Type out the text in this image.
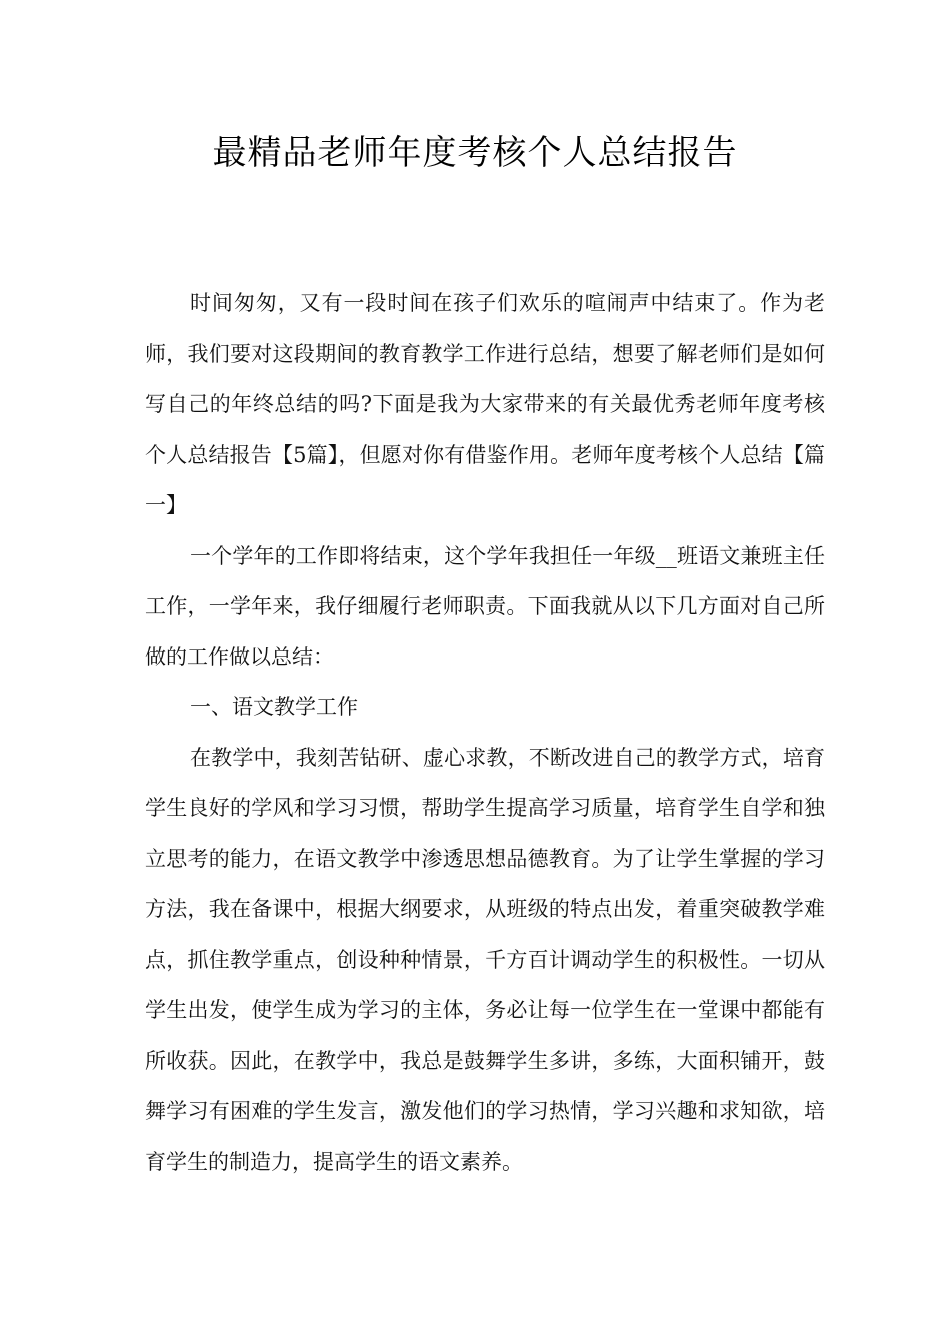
最精品老师年度考核个人总结报告

时间匆匆，又有一段时间在孩子们欢乐的喧闹声中结束了。作为老师，我们要对这段期间的教育教学工作进行总结，想要了解老师们是如何写自己的年终总结的吗?下面是我为大家带来的有关最优秀老师年度考核个人总结报告【5篇】，但愿对你有借鉴作用。老师年度考核个人总结【篇一】

一个学年的工作即将结束，这个学年我担任一年级__班语文兼班主任工作，一学年来，我仔细履行老师职责。下面我就从以下几方面对自己所做的工作做以总结：

一、语文教学工作

在教学中，我刻苦钻研、虚心求教，不断改进自己的教学方式，培育学生良好的学风和学习习惯，帮助学生提高学习质量，培育学生自学和独立思考的能力，在语文教学中渗透思想品德教育。为了让学生掌握的学习方法，我在备课中，根据大纲要求，从班级的特点出发，着重突破教学难点，抓住教学重点，创设种种情景，千方百计调动学生的积极性。一切从学生出发，使学生成为学习的主体，务必让每一位学生在一堂课中都能有所收获。因此，在教学中，我总是鼓舞学生多讲，多练，大面积铺开，鼓舞学习有困难的学生发言，激发他们的学习热情，学习兴趣和求知欲，培育学生的制造力，提高学生的语文素养。
